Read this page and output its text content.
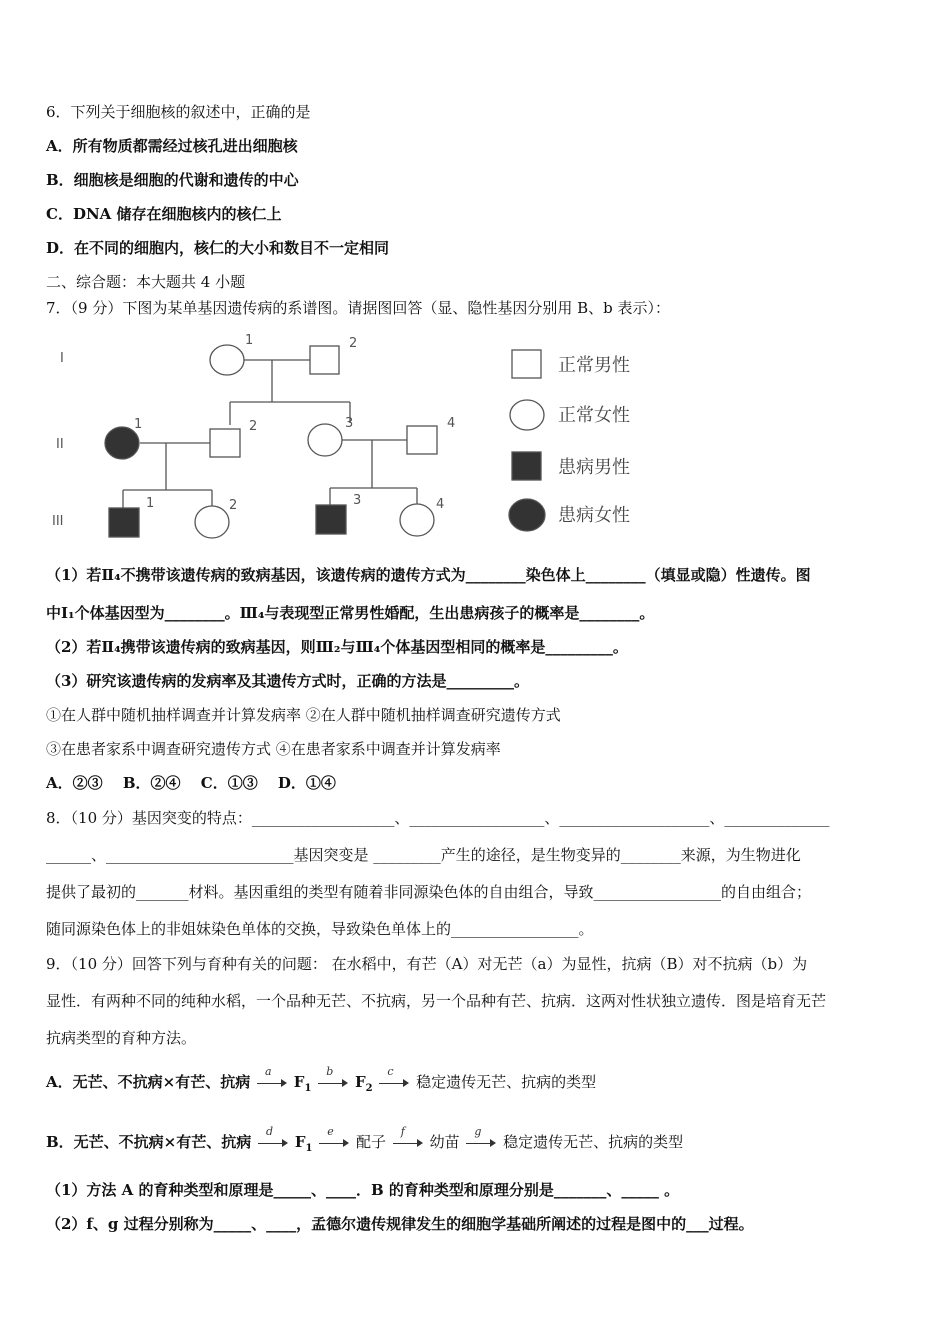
6．下列关于细胞核的叙述中，正确的是
A．所有物质都需经过核孔进出细胞核
B．细胞核是细胞的代谢和遗传的中心
C．DNA 储存在细胞核内的核仁上
D．在不同的细胞内，核仁的大小和数目不一定相同
二、综合题：本大题共 4 小题
7．（9 分）下图为某单基因遗传病的系谱图。请据图回答（显、隐性基因分别用 B、b 表示）：
I
II
III
1	2
1	2	3	4
1	2	3	4
正常男性
正常女性
患病男性
患病女性
（1）若Ⅱ₄不携带该遗传病的致病基因，该遗传病的遗传方式为________染色体上________（填显或隐）性遗传。图
中Ⅰ₁个体基因型为________。Ⅲ₄与表现型正常男性婚配，生出患病孩子的概率是________。
（2）若Ⅱ₄携带该遗传病的致病基因，则Ⅲ₂与Ⅲ₄个体基因型相同的概率是_________。
（3）研究该遗传病的发病率及其遗传方式时，正确的方法是_________。
①在人群中随机抽样调查并计算发病率 ②在人群中随机抽样调查研究遗传方式
③在患者家系中调查研究遗传方式 ④在患者家系中调查并计算发病率
A．②③　 B．②④　 C．①③　 D．①④
8．（10 分）基因突变的特点：___________________、__________________、____________________、______________
______、_________________________基因突变是 _________产生的途径，是生物变异的________来源，为生物进化
提供了最初的_______材料。基因重组的类型有随着非同源染色体的自由组合，导致_________________的自由组合；
随同源染色体上的非姐妹染色单体的交换，导致染色单体上的_________________。
9．（10 分）回答下列与育种有关的问题： 在水稻中，有芒（A）对无芒（a）为显性，抗病（B）对不抗病（b）为
显性．有两种不同的纯种水稻，一个品种无芒、不抗病，另一个品种有芒、抗病．这两对性状独立遗传．图是培育无芒
抗病类型的育种方法。
A．无芒、不抗病×有芒、抗病
a
$F_1$
b
$F_2$
c
稳定遗传无芒、抗病的类型
B．无芒、不抗病×有芒、抗病
d
$F_1$
e
配子
f
幼苗
g
稳定遗传无芒、抗病的类型
（1）方法 A 的育种类型和原理是_____、____．B 的育种类型和原理分别是_______、_____ 。
（2）f、g 过程分别称为_____、____，孟德尔遗传规律发生的细胞学基础所阐述的过程是图中的___过程。
